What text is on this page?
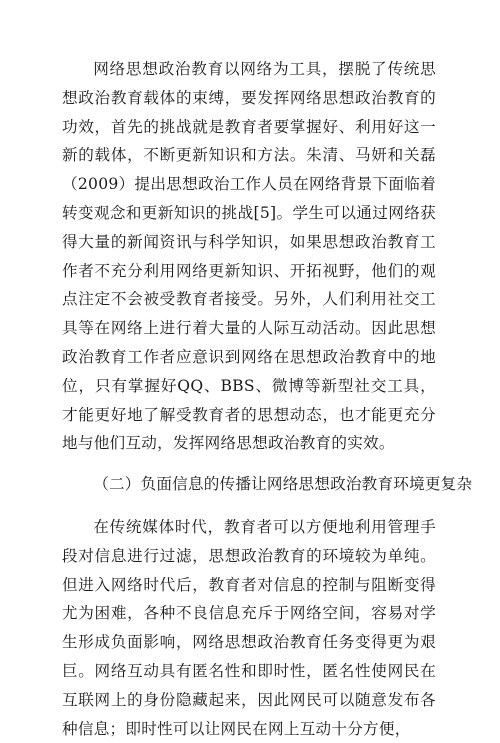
网络思想政治教育以网络为工具，摆脱了传统思想政治教育载体的束缚，要发挥网络思想政治教育的功效，首先的挑战就是教育者要掌握好、利用好这一新的载体，不断更新知识和方法。朱清、马妍和关磊（2009）提出思想政治工作人员在网络背景下面临着转变观念和更新知识的挑战[5]。学生可以通过网络获得大量的新闻资讯与科学知识，如果思想政治教育工作者不充分利用网络更新知识、开拓视野，他们的观点注定不会被受教育者接受。另外，人们利用社交工具等在网络上进行着大量的人际互动活动。因此思想政治教育工作者应意识到网络在思想政治教育中的地位，只有掌握好QQ、BBS、微博等新型社交工具，才能更好地了解受教育者的思想动态，也才能更充分地与他们互动，发挥网络思想政治教育的实效。

（二）负面信息的传播让网络思想政治教育环境更复杂

在传统媒体时代，教育者可以方便地利用管理手段对信息进行过滤，思想政治教育的环境较为单纯。但进入网络时代后，教育者对信息的控制与阻断变得尤为困难，各种不良信息充斥于网络空间，容易对学生形成负面影响，网络思想政治教育任务变得更为艰巨。网络互动具有匿名性和即时性，匿名性使网民在互联网上的身份隐藏起来，因此网民可以随意发布各种信息；即时性可以让网民在网上互动十分方便，
